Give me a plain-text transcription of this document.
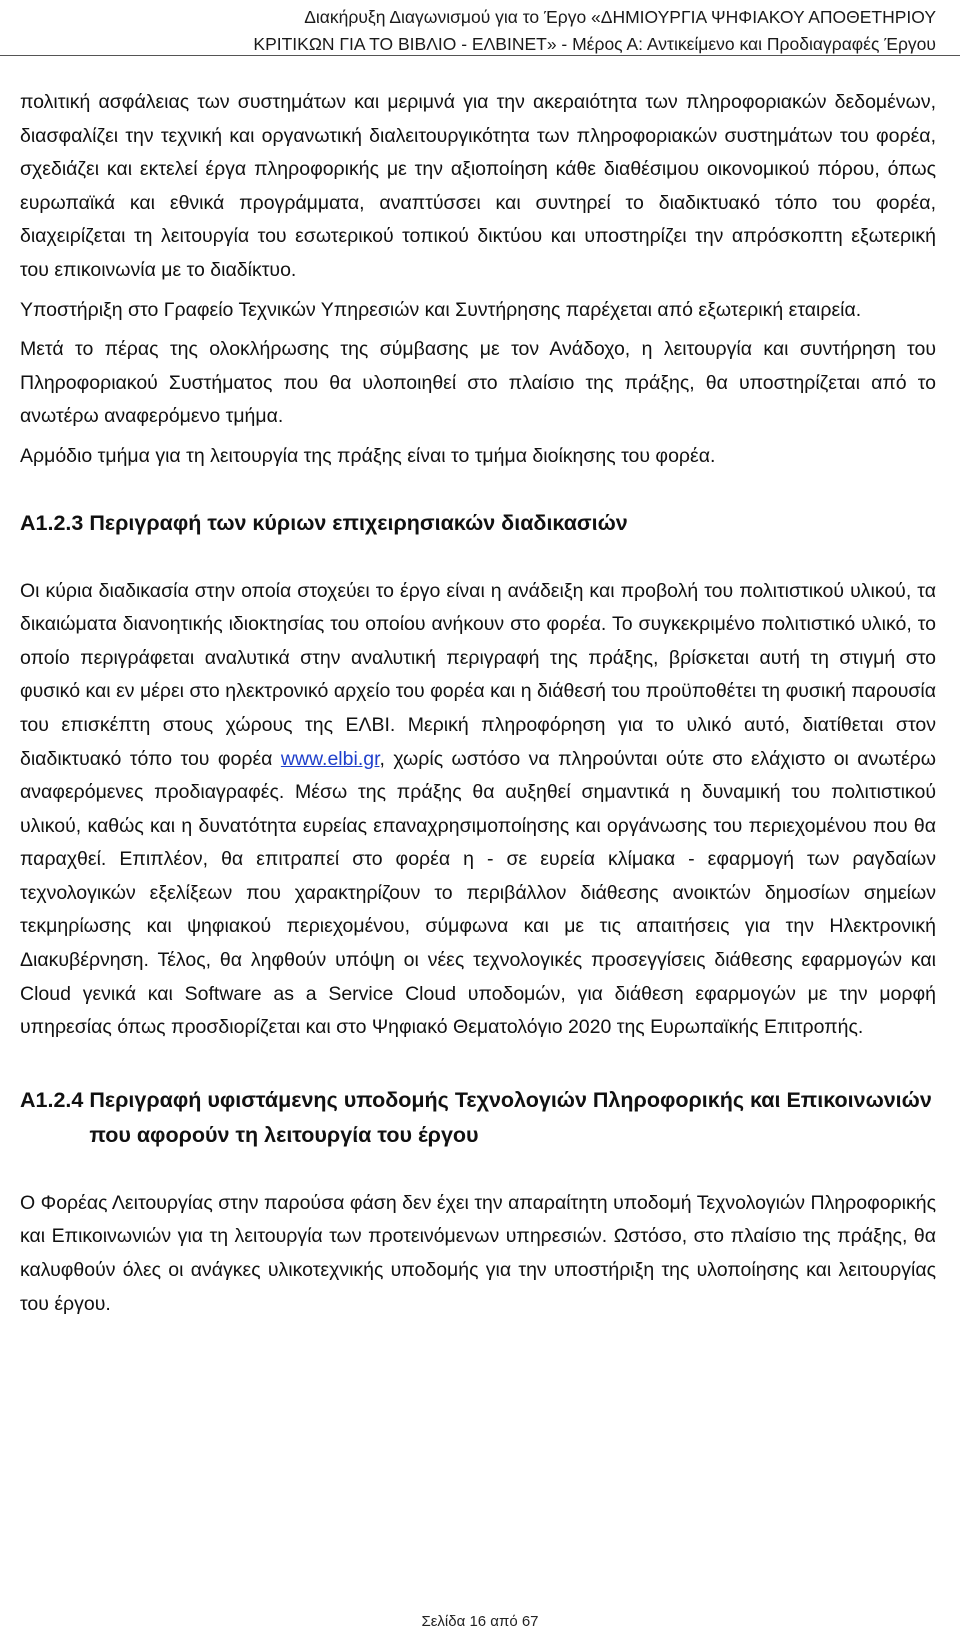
Διακήρυξη Διαγωνισμού για το Έργο «ΔΗΜΙΟΥΡΓΙΑ ΨΗΦΙΑΚΟΥ ΑΠΟΘΕΤΗΡΙΟΥ
ΚΡΙΤΙΚΩΝ ΓΙΑ ΤΟ ΒΙΒΛΙΟ - ΕΛΒΙΝΕΤ» - Μέρος Α: Αντικείμενο και Προδιαγραφές Έργου

πολιτική ασφάλειας των συστημάτων και μεριμνά για την ακεραιότητα των πληροφοριακών δεδομένων, διασφαλίζει την τεχνική και οργανωτική διαλειτουργικότητα των πληροφοριακών συστημάτων του φορέα, σχεδιάζει και εκτελεί έργα πληροφορικής με την αξιοποίηση κάθε διαθέσιμου οικονομικού πόρου, όπως ευρωπαϊκά και εθνικά προγράμματα, αναπτύσσει και συντηρεί το διαδικτυακό τόπο του φορέα, διαχειρίζεται τη λειτουργία του εσωτερικού τοπικού δικτύου και υποστηρίζει την απρόσκοπτη εξωτερική του επικοινωνία με το διαδίκτυο.

Υποστήριξη στο Γραφείο Τεχνικών Υπηρεσιών και Συντήρησης παρέχεται από εξωτερική εταιρεία.

Μετά το πέρας της ολοκλήρωσης της σύμβασης με τον Ανάδοχο, η λειτουργία και συντήρηση του Πληροφοριακού Συστήματος που θα υλοποιηθεί στο πλαίσιο της πράξης, θα υποστηρίζεται από το ανωτέρω αναφερόμενο τμήμα.

Αρμόδιο τμήμα για τη λειτουργία της πράξης είναι το τμήμα διοίκησης του φορέα.

A1.2.3 Περιγραφή των κύριων επιχειρησιακών διαδικασιών

Οι κύρια διαδικασία στην οποία στοχεύει το έργο είναι η ανάδειξη και προβολή του πολιτιστικού υλικού, τα δικαιώματα διανοητικής ιδιοκτησίας του οποίου ανήκουν στο φορέα. Το συγκεκριμένο πολιτιστικό υλικό, το οποίο περιγράφεται αναλυτικά στην αναλυτική περιγραφή της πράξης, βρίσκεται αυτή τη στιγμή στο φυσικό και εν μέρει στο ηλεκτρονικό αρχείο του φορέα και η διάθεσή του προϋποθέτει τη φυσική παρουσία του επισκέπτη στους χώρους της ΕΛΒΙ. Μερική πληροφόρηση για το υλικό αυτό, διατίθεται στον διαδικτυακό τόπο του φορέα www.elbi.gr, χωρίς ωστόσο να πληρούνται ούτε στο ελάχιστο οι ανωτέρω αναφερόμενες προδιαγραφές. Μέσω της πράξης θα αυξηθεί σημαντικά η δυναμική του πολιτιστικού υλικού, καθώς και η δυνατότητα ευρείας επαναχρησιμοποίησης και οργάνωσης του περιεχομένου που θα παραχθεί. Επιπλέον, θα επιτραπεί στο φορέα η - σε ευρεία κλίμακα - εφαρμογή των ραγδαίων τεχνολογικών εξελίξεων που χαρακτηρίζουν το περιβάλλον διάθεσης ανοικτών δημοσίων σημείων τεκμηρίωσης και ψηφιακού περιεχομένου, σύμφωνα και με τις απαιτήσεις για την Ηλεκτρονική Διακυβέρνηση. Τέλος, θα ληφθούν υπόψη οι νέες τεχνολογικές προσεγγίσεις διάθεσης εφαρμογών και Cloud γενικά και Software as a Service Cloud υποδομών, για διάθεση εφαρμογών με την μορφή υπηρεσίας όπως προσδιορίζεται και στο Ψηφιακό Θεματολόγιο 2020 της Ευρωπαϊκής Επιτροπής.

A1.2.4 Περιγραφή υφιστάμενης υποδομής Τεχνολογιών Πληροφορικής και Επικοινωνιών που αφορούν τη λειτουργία του έργου

Ο Φορέας Λειτουργίας στην παρούσα φάση δεν έχει την απαραίτητη υποδομή Τεχνολογιών Πληροφορικής και Επικοινωνιών για τη λειτουργία των προτεινόμενων υπηρεσιών. Ωστόσο, στο πλαίσιο της πράξης, θα καλυφθούν όλες οι ανάγκες υλικοτεχνικής υποδομής για την υποστήριξη της υλοποίησης και λειτουργίας του έργου.

Σελίδα 16 από 67
